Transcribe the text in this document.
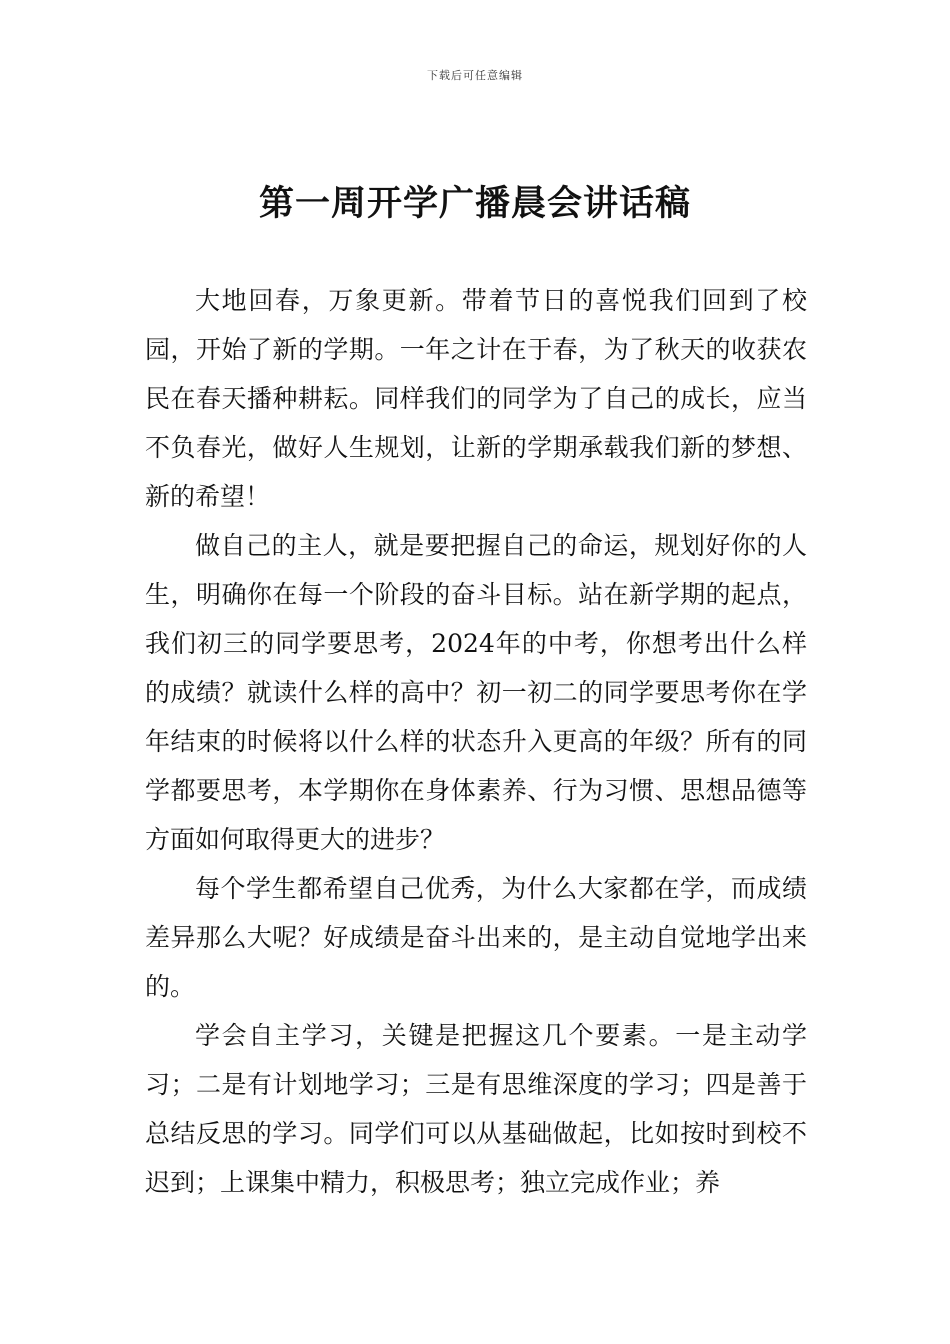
下载后可任意编辑
第一周开学广播晨会讲话稿

大地回春，万象更新。带着节日的喜悦我们回到了校园，开始了新的学期。一年之计在于春，为了秋天的收获农民在春天播种耕耘。同样我们的同学为了自己的成长，应当不负春光，做好人生规划，让新的学期承载我们新的梦想、新的希望！

做自己的主人，就是要把握自己的命运，规划好你的人生，明确你在每一个阶段的奋斗目标。站在新学期的起点，我们初三的同学要思考，2024年的中考，你想考出什么样的成绩？就读什么样的高中？初一初二的同学要思考你在学年结束的时候将以什么样的状态升入更高的年级？所有的同学都要思考，本学期你在身体素养、行为习惯、思想品德等方面如何取得更大的进步？

每个学生都希望自己优秀，为什么大家都在学，而成绩差异那么大呢？好成绩是奋斗出来的，是主动自觉地学出来的。

学会自主学习，关键是把握这几个要素。一是主动学习；二是有计划地学习；三是有思维深度的学习；四是善于总结反思的学习。同学们可以从基础做起，比如按时到校不迟到；上课集中精力，积极思考；独立完成作业；养
